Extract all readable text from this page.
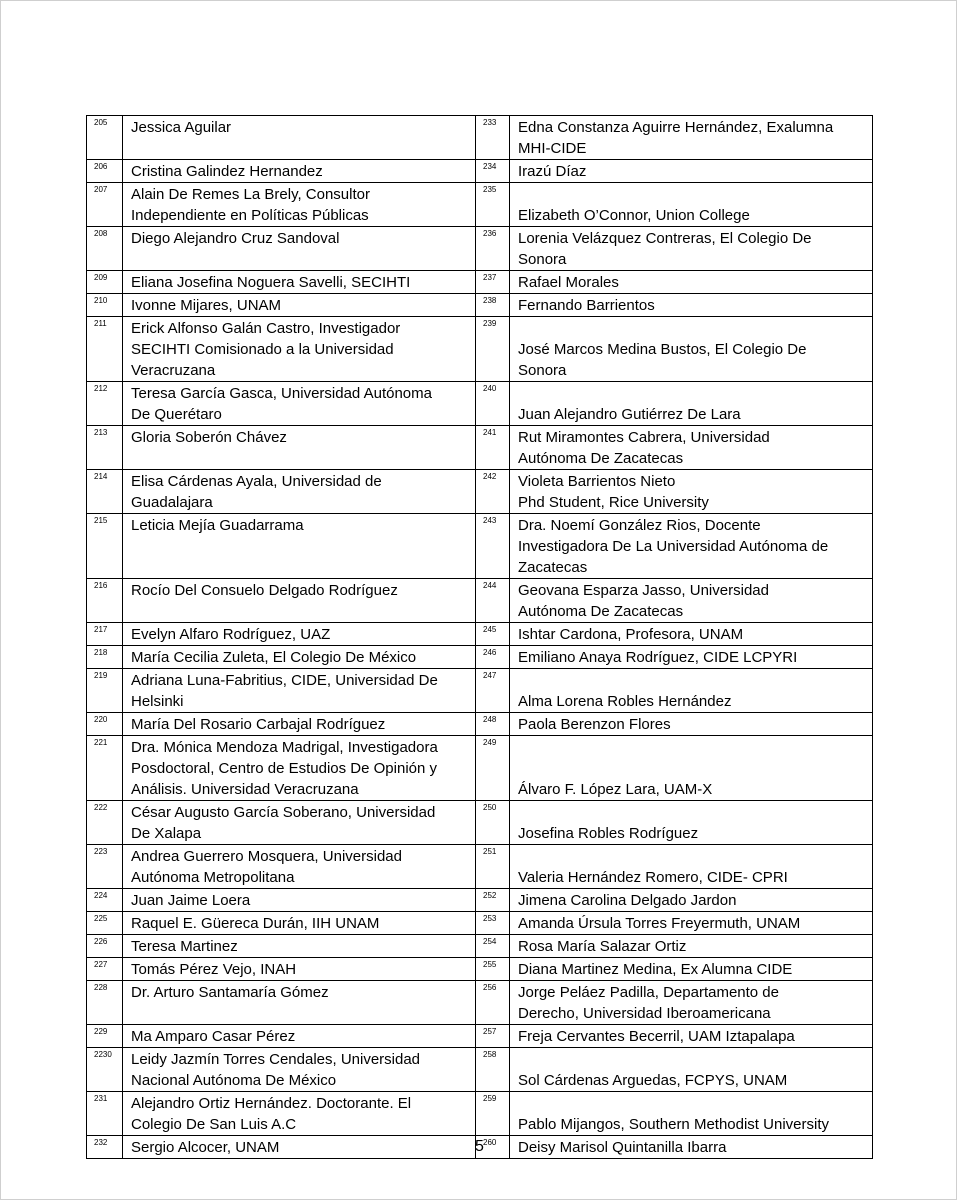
205	Jessica Aguilar	233	Edna Constanza Aguirre Hernández, Exalumna
MHI-CIDE
206	Cristina Galindez Hernandez	234	Irazú Díaz
207	Alain De Remes La Brely, Consultor
Independiente en Políticas Públicas	235	Elizabeth O’Connor, Union College
208	Diego Alejandro Cruz Sandoval	236	Lorenia Velázquez Contreras, El Colegio De
Sonora
209	Eliana Josefina Noguera Savelli, SECIHTI	237	Rafael Morales
210	Ivonne Mijares, UNAM	238	Fernando Barrientos
211	Erick Alfonso Galán Castro, Investigador
SECIHTI Comisionado a la Universidad
Veracruzana	239	José Marcos Medina Bustos, El Colegio De
Sonora
212	Teresa García Gasca, Universidad Autónoma
De Querétaro	240	Juan Alejandro Gutiérrez De Lara
213	Gloria Soberón Chávez	241	Rut Miramontes Cabrera, Universidad
Autónoma De Zacatecas
214	Elisa Cárdenas Ayala, Universidad de
Guadalajara	242	Violeta Barrientos Nieto
Phd Student, Rice University
215	Leticia Mejía Guadarrama	243	Dra. Noemí González Rios, Docente
Investigadora De La Universidad Autónoma de
Zacatecas
216	Rocío Del Consuelo Delgado Rodríguez	244	Geovana Esparza Jasso, Universidad
Autónoma De Zacatecas
217	Evelyn Alfaro Rodríguez, UAZ	245	Ishtar Cardona, Profesora, UNAM
218	María Cecilia Zuleta, El Colegio De México	246	Emiliano Anaya Rodríguez, CIDE LCPYRI
219	Adriana Luna-Fabritius, CIDE, Universidad De
Helsinki	247	Alma Lorena Robles Hernández
220	María Del Rosario Carbajal Rodríguez	248	Paola Berenzon Flores
221	Dra. Mónica Mendoza Madrigal, Investigadora
Posdoctoral, Centro de Estudios De Opinión y
Análisis. Universidad Veracruzana	249	Álvaro F. López Lara, UAM-X
222	César Augusto García Soberano, Universidad
De Xalapa	250	Josefina Robles Rodríguez
223	Andrea Guerrero Mosquera, Universidad
Autónoma Metropolitana	251	Valeria Hernández Romero, CIDE- CPRI
224	Juan Jaime Loera	252	Jimena Carolina Delgado Jardon
225	Raquel E. Güereca Durán, IIH UNAM	253	Amanda Úrsula Torres Freyermuth, UNAM
226	Teresa Martinez	254	Rosa María Salazar Ortiz
227	Tomás Pérez Vejo, INAH	255	Diana Martinez Medina, Ex Alumna CIDE
228	Dr. Arturo Santamaría Gómez	256	Jorge Peláez Padilla, Departamento de
Derecho, Universidad Iberoamericana
229	Ma Amparo Casar Pérez	257	Freja Cervantes Becerril, UAM Iztapalapa
2230	Leidy Jazmín Torres Cendales, Universidad
Nacional Autónoma De México	258	Sol Cárdenas Arguedas, FCPYS, UNAM
231	Alejandro Ortiz Hernández. Doctorante. El
Colegio De San Luis A.C	259	Pablo Mijangos, Southern Methodist University
232	Sergio Alcocer, UNAM	260	Deisy Marisol Quintanilla Ibarra
5
